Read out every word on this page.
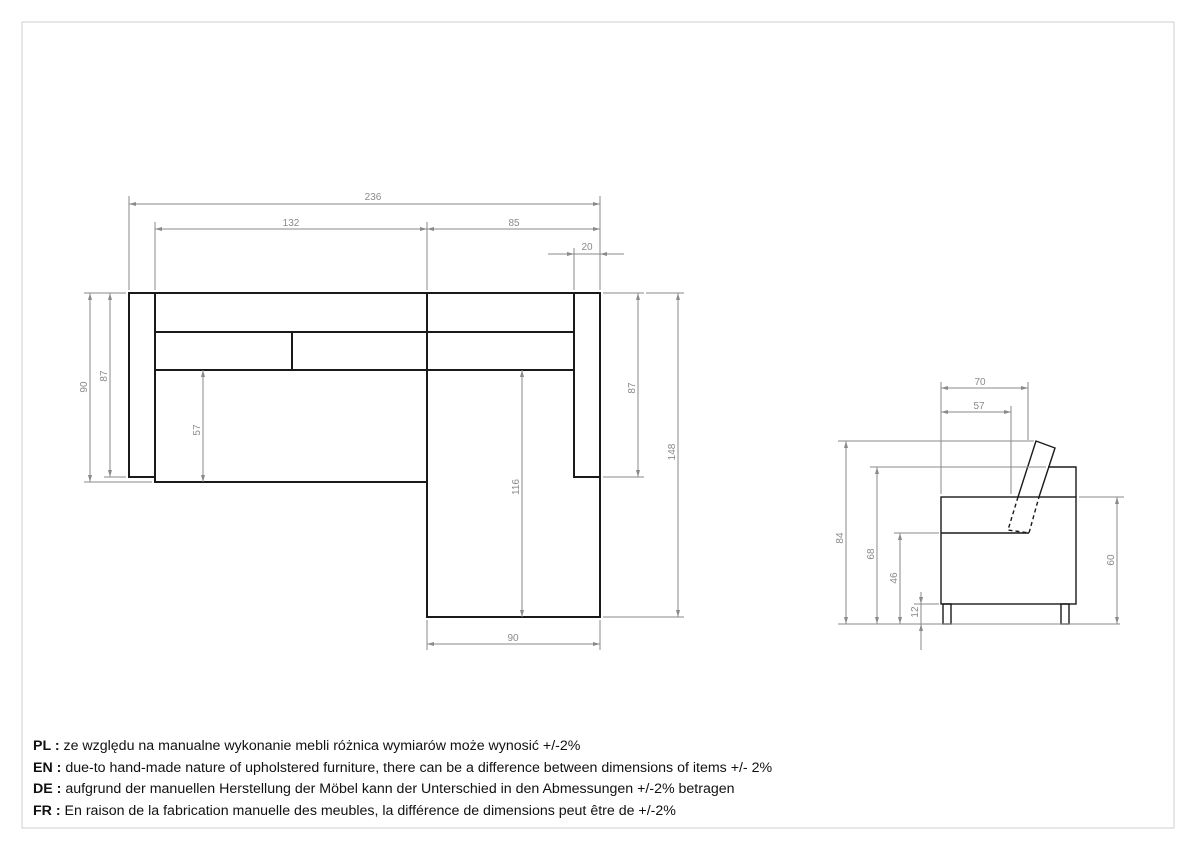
236
132	85
20
90
87
57
116
87
148
90
70
57
84
68
46
12
60
PL : ze względu na manualne wykonanie mebli różnica wymiarów może wynosić +/-2%
EN : due-to hand-made nature of upholstered furniture, there can be a difference between dimensions of items +/- 2%
DE : aufgrund der manuellen Herstellung der Möbel kann der Unterschied in den Abmessungen +/-2% betragen
FR : En raison de la fabrication manuelle des meubles, la différence de dimensions peut être de +/-2%
